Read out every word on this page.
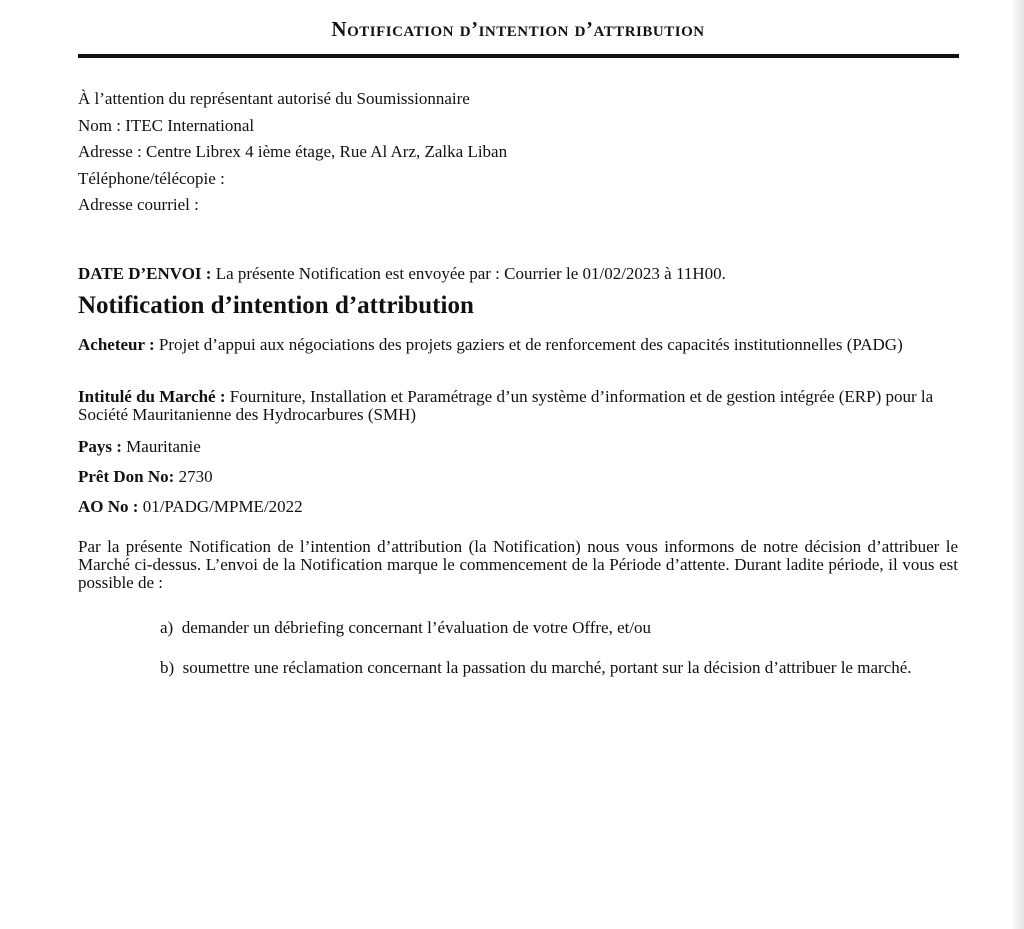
Notification d’intention d’attribution
À l’attention du représentant autorisé du Soumissionnaire
Nom : ITEC International
Adresse : Centre Librex 4 ième étage, Rue Al Arz, Zalka Liban
Téléphone/télécopie :
Adresse courriel :
DATE D’ENVOI : La présente Notification est envoyée par : Courrier le 01/02/2023 à 11H00.
Notification d’intention d’attribution
Acheteur : Projet d’appui aux négociations des projets gaziers et de renforcement des capacités institutionnelles (PADG)
Intitulé du Marché : Fourniture, Installation et Paramétrage d’un système d’information et de gestion intégrée (ERP) pour la Société Mauritanienne des Hydrocarbures (SMH)
Pays : Mauritanie
Prêt Don No: 2730
AO No : 01/PADG/MPME/2022
Par la présente Notification de l’intention d’attribution (la Notification) nous vous informons de notre décision d’attribuer le Marché ci-dessus. L’envoi de la Notification marque le commencement de la Période d’attente. Durant ladite période, il vous est possible de :
a)  demander un débriefing concernant l’évaluation de votre Offre, et/ou
b)  soumettre une réclamation concernant la passation du marché, portant sur la décision d’attribuer le marché.
